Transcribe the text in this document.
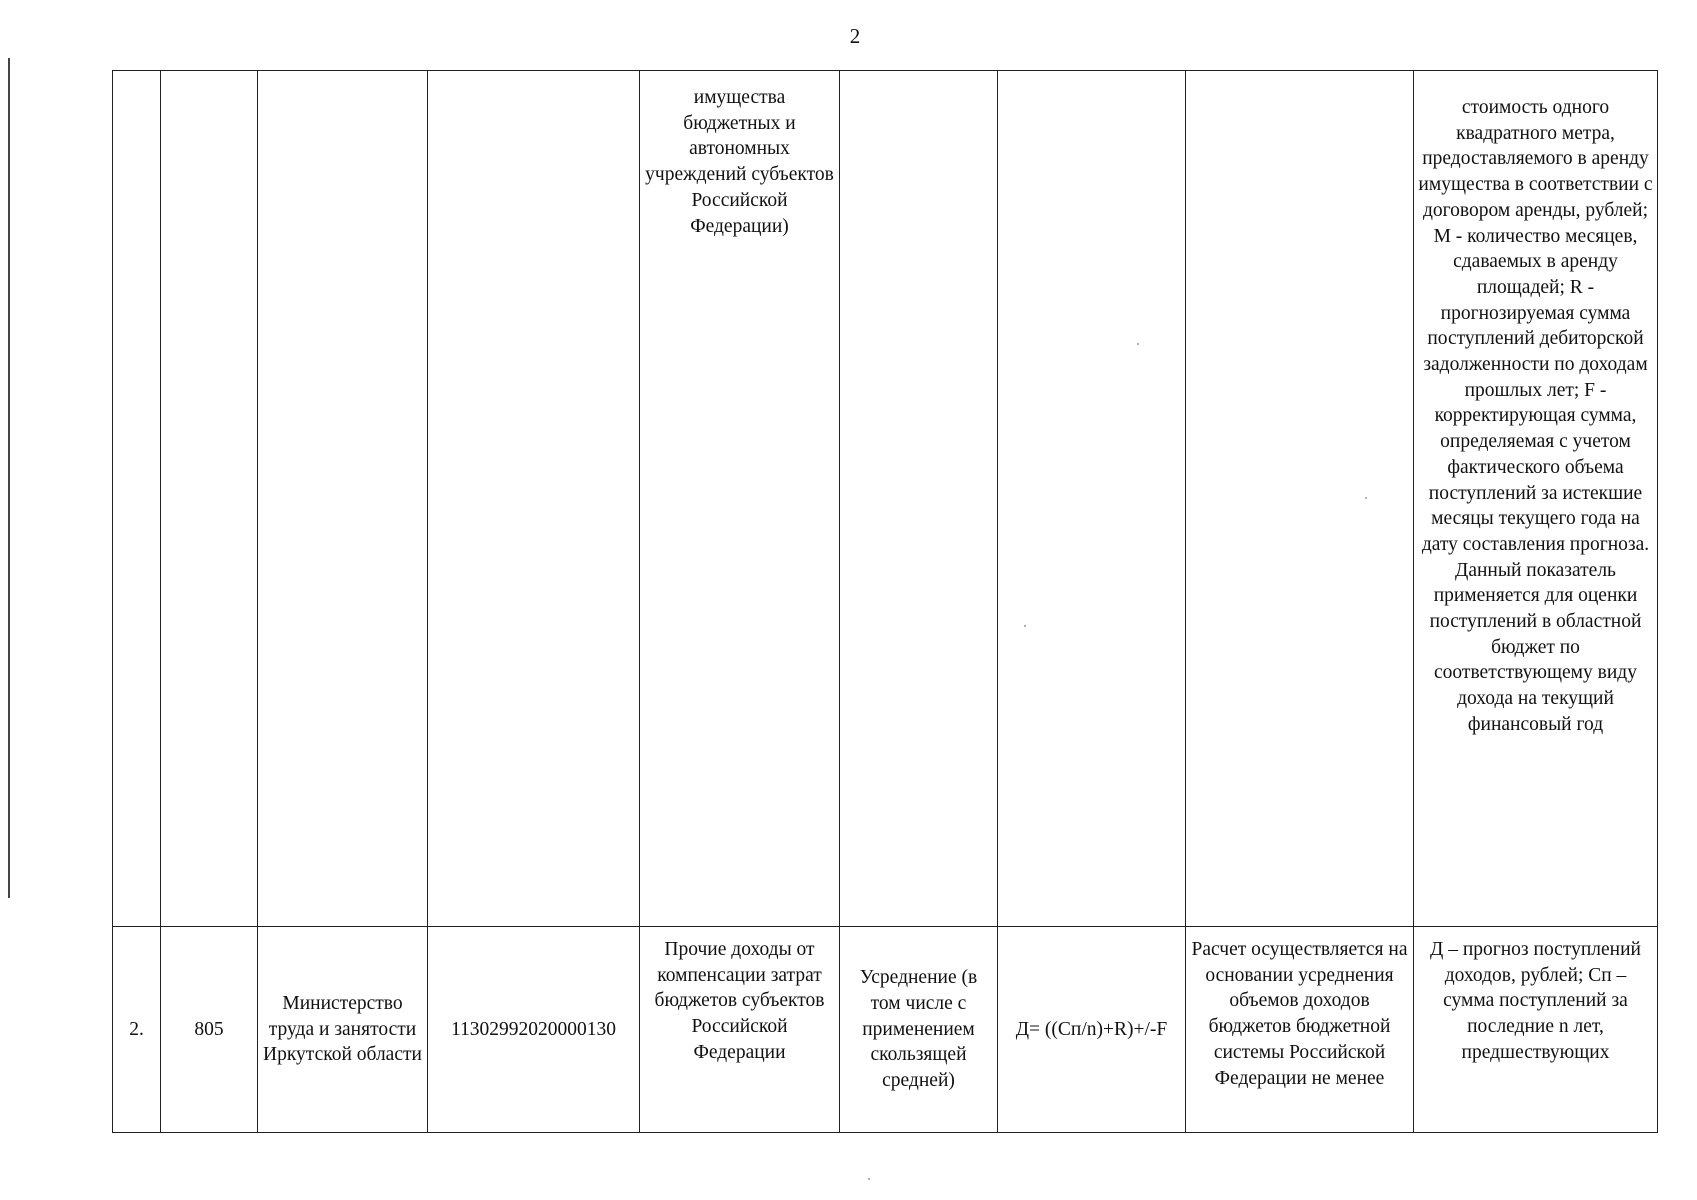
2
				имущества бюджетных и автономных учреждений субъектов Российской Федерации)				стоимость одного квадратного метра, предоставляемого в аренду имущества в соответствии с договором аренды, рублей; M - количество месяцев, сдаваемых в аренду площадей; R - прогнозируемая сумма поступлений дебиторской задолженности по доходам прошлых лет; F - корректирующая сумма, определяемая с учетом фактического объема поступлений за истекшие месяцы текущего года на дату составления прогноза. Данный показатель применяется для оценки поступлений в областной бюджет по соответствующему виду дохода на текущий финансовый год
2.	805	Министерство труда и занятости Иркутской области	11302992020000130	Прочие доходы от компенсации затрат бюджетов субъектов Российской Федерации	Усреднение (в том числе с применением скользящей средней)	Д= ((Сп/n)+R)+/-F	Расчет осуществляется на основании усреднения объемов доходов бюджетов бюджетной системы Российской Федерации не менее	Д – прогноз поступлений доходов, рублей; Сп – сумма поступлений за последние n лет, предшествующих
